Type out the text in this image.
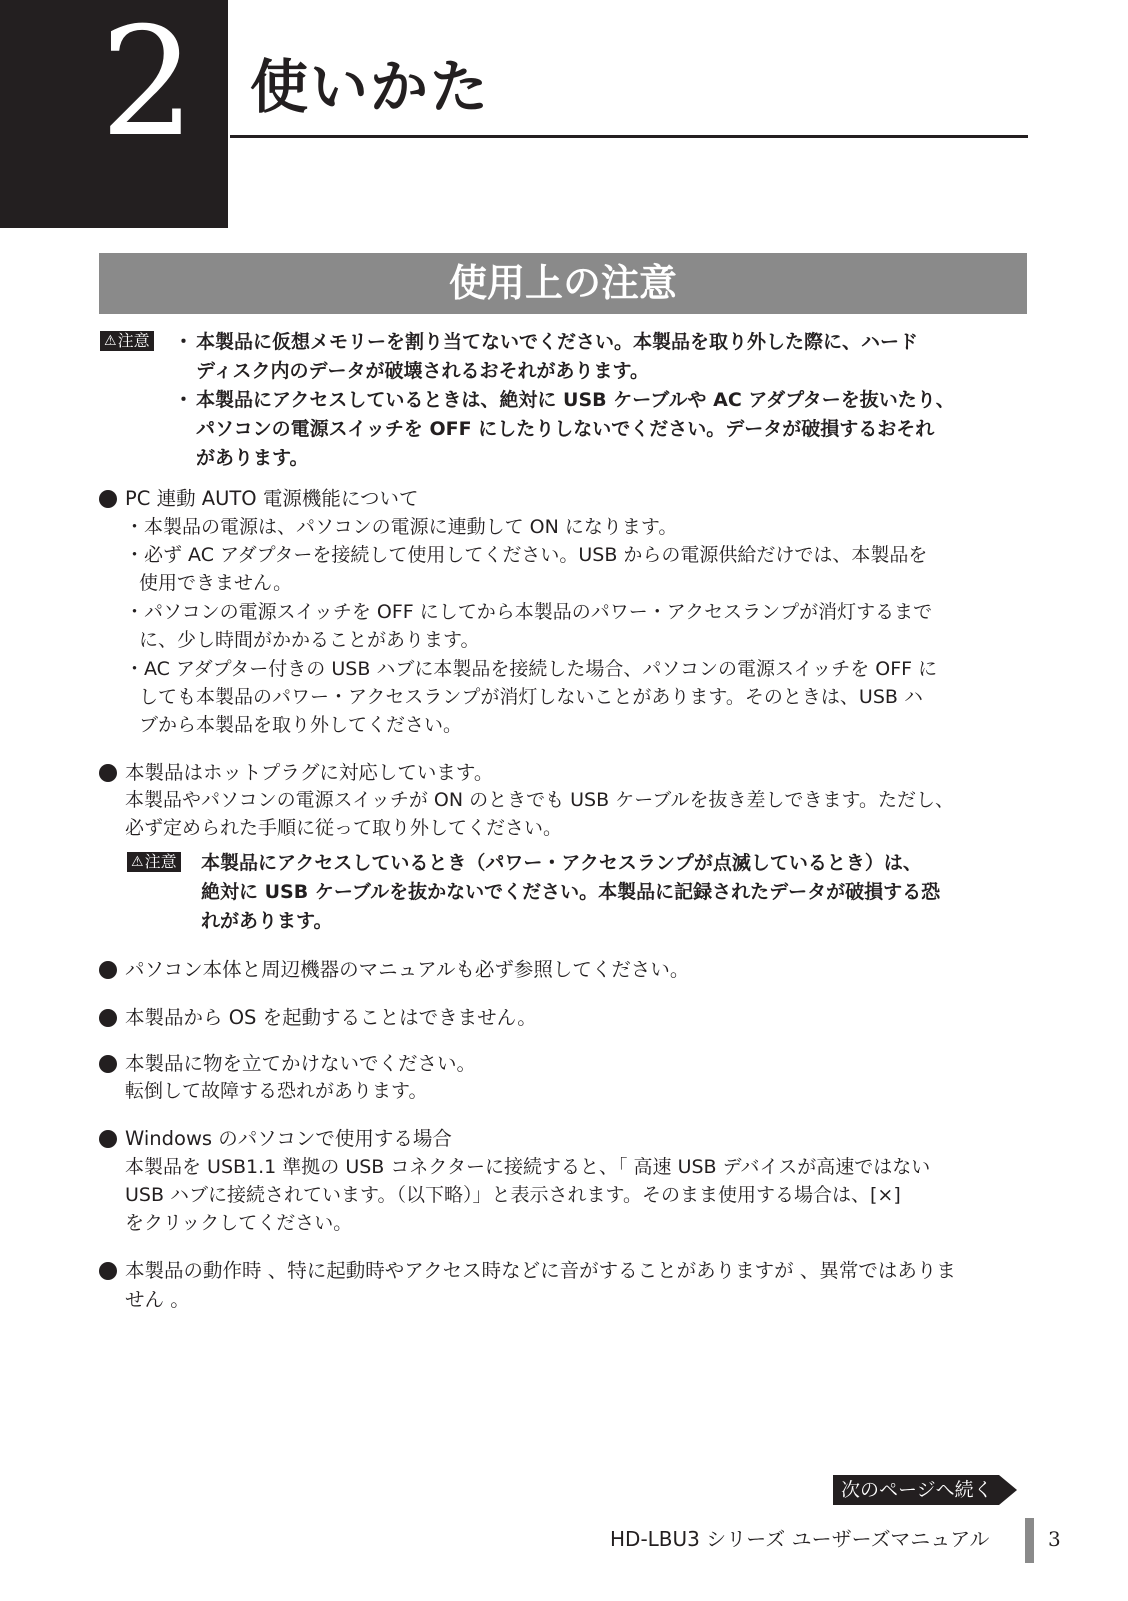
2 使いかた
使用上の注意
⚠ 注意 ・ 本製品に仮想メモリーを割り当てないでください。本製品を取り外した際に、ハード
ディスク内のデータが破壊されるおそれがあります。
・ 本製品にアクセスしているときは、絶対に USB ケーブルや AC アダプターを抜いたり、
パソコンの電源スイッチを OFF にしたりしないでください。データが破損するおそれ
があります。
PC 連動 AUTO 電源機能について
・本製品の電源は、パソコンの電源に連動して ON になります。
・必ず AC アダプターを接続して使用してください。USB からの電源供給だけでは、本製品を
使用できません。
・パソコンの電源スイッチを OFF にしてから本製品のパワー・アクセスランプが消灯するまで
に、少し時間がかかることがあります。
・AC アダプター付きの USB ハブに本製品を接続した場合、パソコンの電源スイッチを OFF に
しても本製品のパワー・アクセスランプが消灯しないことがあります。そのときは、USB ハ
ブから本製品を取り外してください。
本製品はホットプラグに対応しています。
本製品やパソコンの電源スイッチが ON のときでも USB ケーブルを抜き差しできます。ただし、
必ず定められた手順に従って取り外してください。
⚠ 注意 本製品にアクセスしているとき（パワー・アクセスランプが点滅しているとき）は、
絶対に USB ケーブルを抜かないでください。本製品に記録されたデータが破損する恐
れがあります。
パソコン本体と周辺機器のマニュアルも必ず参照してください。
本製品から OS を起動することはできません。
本製品に物を立てかけないでください。
転倒して故障する恐れがあります。
Windows のパソコンで使用する場合
本製品を USB1.1 準拠の USB コネクターに接続すると、「 高速 USB デバイスが高速ではない
USB ハブに接続されています。（以下略）」と表示されます。そのまま使用する場合は、[×]
をクリックしてください。
本製品の動作時 、特に起動時やアクセス時などに音がすることがありますが 、異常ではありま
せん 。
次のページへ続く
HD-LBU3 シリーズ ユーザーズマニュアル	3
